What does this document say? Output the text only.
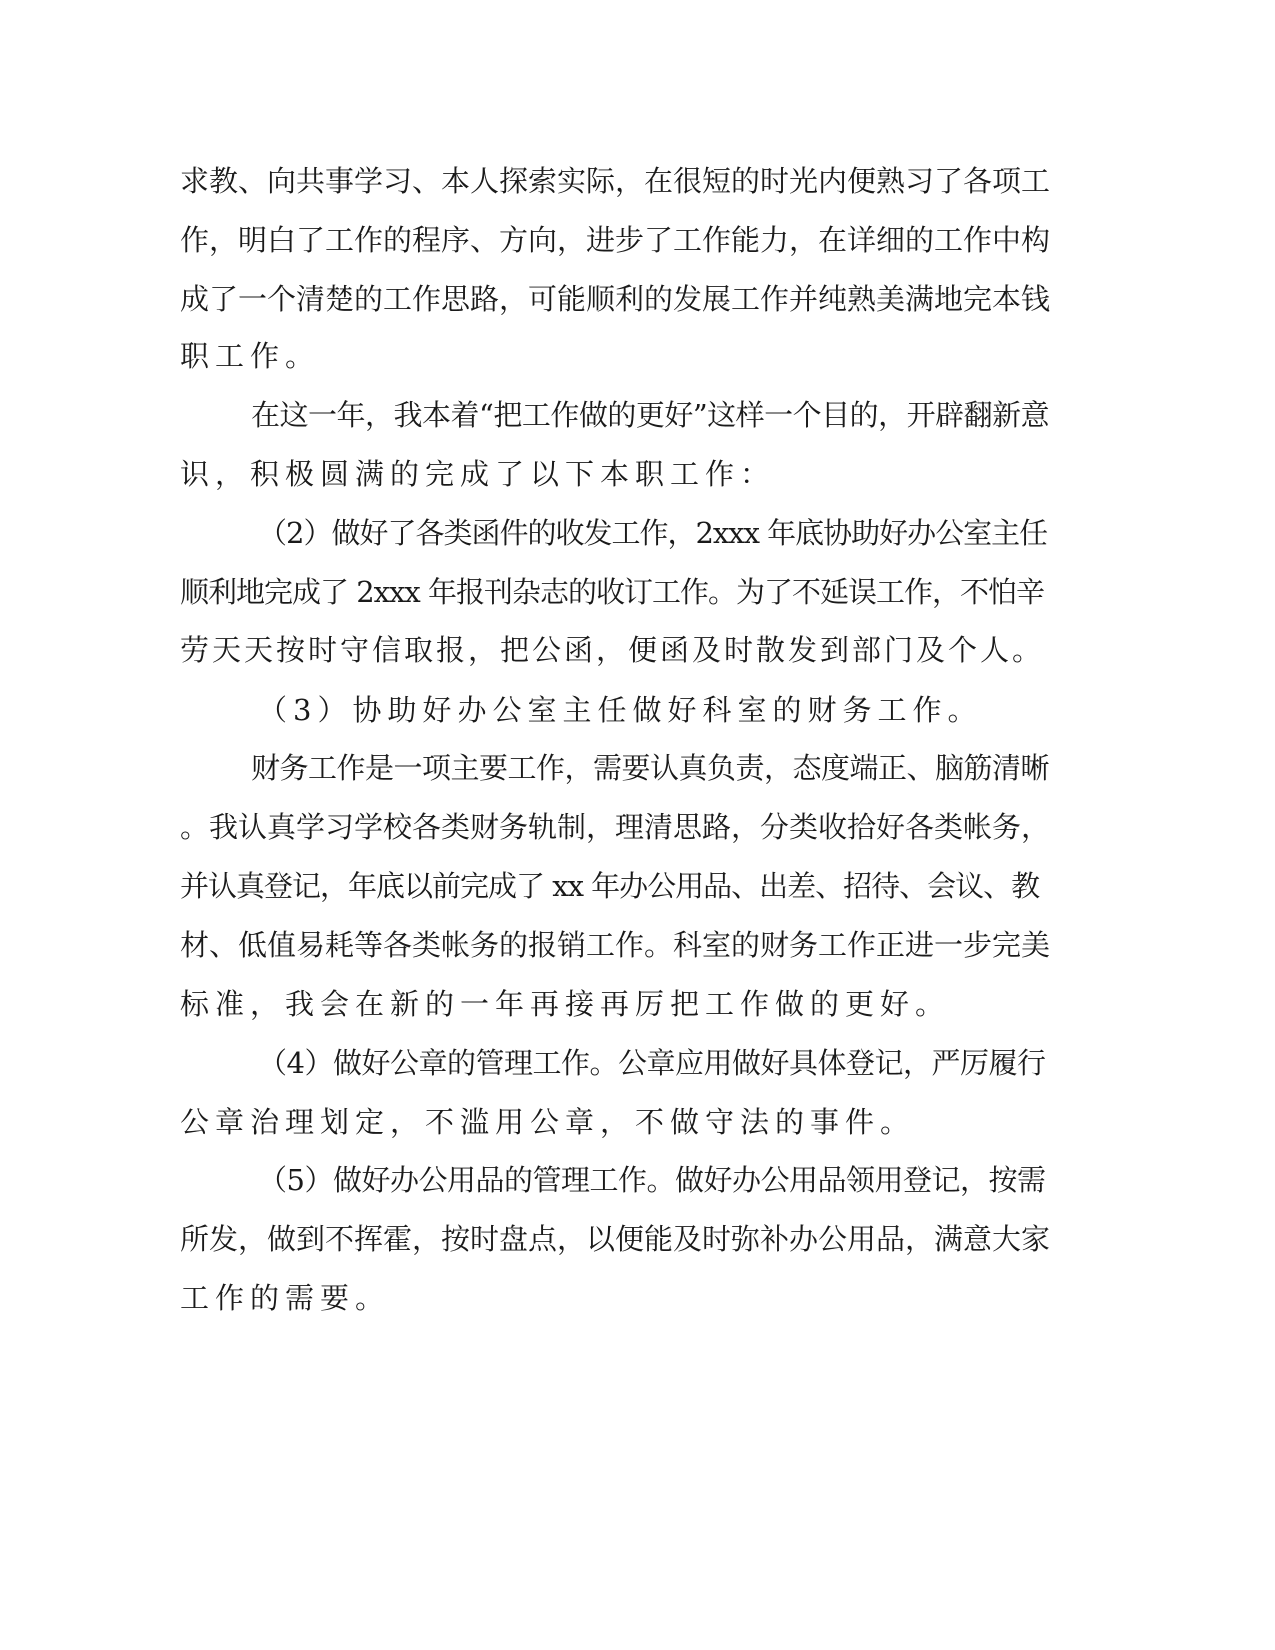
求教、向共事学习、本人探索实际，在很短的时光内便熟习了各项工
作，明白了工作的程序、方向，进步了工作能力，在详细的工作中构
成了一个清楚的工作思路，可能顺利的发展工作并纯熟美满地完本钱
职工作。
在这一年，我本着“把工作做的更好”这样一个目的，开辟翻新意
识，积极圆满的完成了以下本职工作：
（2）做好了各类函件的收发工作，2xxx 年底协助好办公室主任
顺利地完成了 2xxx 年报刊杂志的收订工作。为了不延误工作，不怕辛
劳天天按时守信取报，把公函，便函及时散发到部门及个人。
（3）协助好办公室主任做好科室的财务工作。
财务工作是一项主要工作，需要认真负责，态度端正、脑筋清晰
。我认真学习学校各类财务轨制，理清思路，分类收拾好各类帐务，
并认真登记，年底以前完成了 xx 年办公用品、出差、招待、会议、教
材、低值易耗等各类帐务的报销工作。科室的财务工作正进一步完美
标准，我会在新的一年再接再厉把工作做的更好。
（4）做好公章的管理工作。公章应用做好具体登记，严厉履行
公章治理划定，不滥用公章，不做守法的事件。
（5）做好办公用品的管理工作。做好办公用品领用登记，按需
所发，做到不挥霍，按时盘点，以便能及时弥补办公用品，满意大家
工作的需要。
